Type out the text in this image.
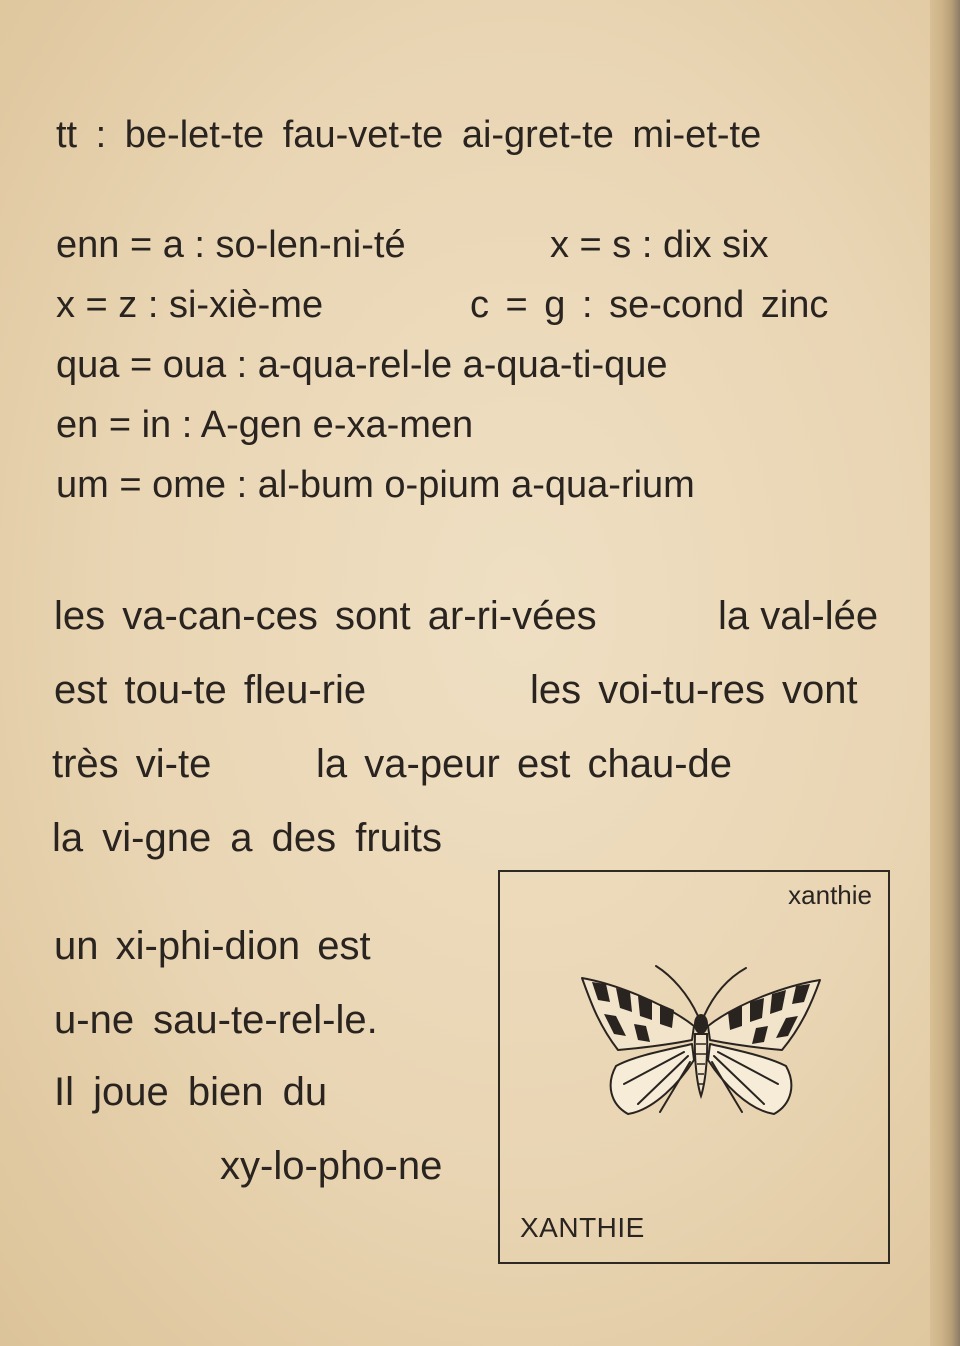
tt : be-let-te fau-vet-te ai-gret-te mi-et-te

enn = a : so-len-ni-té	x = s : dix six

x = z : si-xiè-me	c = g : se-cond zinc

qua = oua : a-qua-rel-le a-qua-ti-que

en = in : A-gen e-xa-men

um = ome : al-bum o-pium a-qua-rium

les va-can-ces sont ar-ri-vées	la val-lée

est tou-te fleu-rie	les voi-tu-res vont

très vi-te	la va-peur est chau-de

la vi-gne a des fruits

un xi-phi-dion est

u-ne sau-te-rel-le.

Il joue bien du

xy-lo-pho-ne

xanthie
XANTHIE
